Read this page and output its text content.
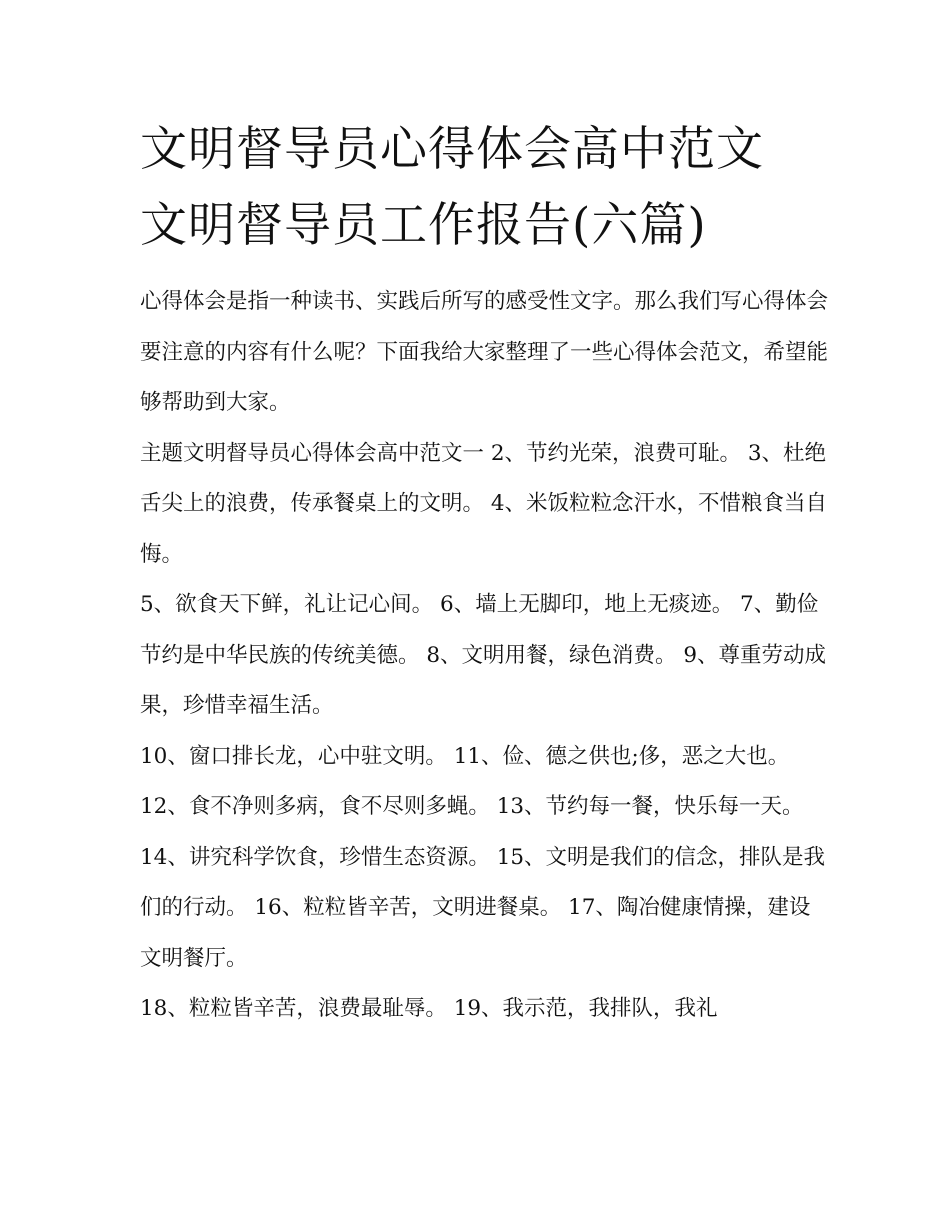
文明督导员心得体会高中范文
文明督导员工作报告(六篇)

心得体会是指一种读书、实践后所写的感受性文字。那么我们写心得体会要注意的内容有什么呢？下面我给大家整理了一些心得体会范文，希望能够帮助到大家。

主题文明督导员心得体会高中范文一 2、节约光荣，浪费可耻。 3、杜绝舌尖上的浪费，传承餐桌上的文明。 4、米饭粒粒念汗水，不惜粮食当自悔。

5、欲食天下鲜，礼让记心间。 6、墙上无脚印，地上无痰迹。 7、勤俭节约是中华民族的传统美德。 8、文明用餐，绿色消费。 9、尊重劳动成果，珍惜幸福生活。

10、窗口排长龙，心中驻文明。 11、俭、德之供也;侈，恶之大也。 12、食不净则多病，食不尽则多蝇。 13、节约每一餐，快乐每一天。

14、讲究科学饮食，珍惜生态资源。 15、文明是我们的信念，排队是我们的行动。 16、粒粒皆辛苦，文明进餐桌。 17、陶冶健康情操，建设文明餐厅。

18、粒粒皆辛苦，浪费最耻辱。 19、我示范，我排队，我礼
